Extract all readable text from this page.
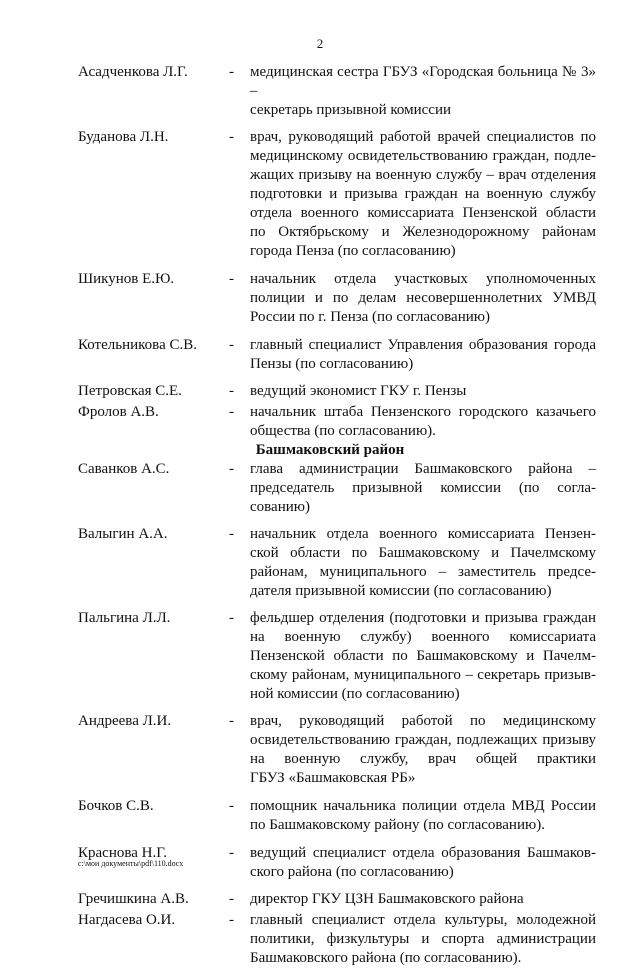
2
Асадченкова Л.Г.	- медицинская сестра ГБУЗ «Городская больница № 3» –
секретарь призывной комиссии
Буданова Л.Н.	- врач, руководящий работой врачей специалистов по
медицинскому освидетельствованию граждан, подле-
жащих призыву на военную службу – врач отделения
подготовки и призыва граждан на военную службу
отдела военного комиссариата Пензенской области
по Октябрьскому и Железнодорожному районам
города Пенза (по согласованию)
Шикунов Е.Ю.	- начальник отдела участковых уполномоченных
полиции и по делам несовершеннолетних УМВД
России по г. Пенза (по согласованию)
Котельникова С.В. - главный специалист Управления образования города
Пензы (по согласованию)
Петровская С.Е.	- ведущий экономист ГКУ г. Пензы
Фролов А.В.	- начальник штаба Пензенского городского казачьего
общества (по согласованию).
Башмаковский район
Саванков А.С.	- глава администрации Башмаковского района –
председатель призывной комиссии (по согла-
сованию)
Валыгин А.А.	- начальник отдела военного комиссариата Пензен-
ской области по Башмаковскому и Пачелмскому
районам, муниципального – заместитель предсе-
дателя призывной комиссии (по согласованию)
Пальгина Л.Л.	- фельдшер отделения (подготовки и призыва граждан
на военную службу) военного комиссариата
Пензенской области по Башмаковскому и Пачелм-
скому районам, муниципального – секретарь призыв-
ной комиссии (по согласованию)
Андреева Л.И.	- врач, руководящий работой по медицинскому
освидетельствованию граждан, подлежащих призыву
на военную службу, врач общей практики
ГБУЗ «Башмаковская РБ»
Бочков С.В.	- помощник начальника полиции отдела МВД России
по Башмаковскому району (по согласованию).
Краснова Н.Г.	- ведущий специалист отдела образования Башмаков-
ского района (по согласованию)
Гречишкина А.В.	- директор ГКУ ЦЗН Башмаковского района
Нагдасева О.И.	- главный специалист отдела культуры, молодежной
политики, физкультуры и спорта администрации
Башмаковского района (по согласованию).
c:\мои документы\pdf\110.docx
